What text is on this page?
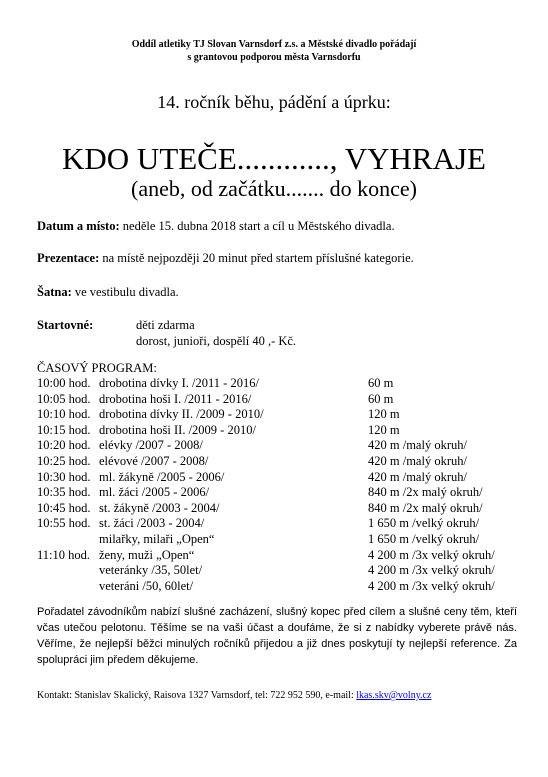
Oddíl atletiky TJ Slovan Varnsdorf z.s. a Městské divadlo pořádají
s grantovou podporou města Varnsdorfu
14. ročník běhu, pádění a úprku:
KDO UTEČE............, VYHRAJE
(aneb, od začátku....... do konce)
Datum a místo: neděle 15. dubna 2018 start a cíl u Městského divadla.
Prezentace: na místě nejpozději 20 minut před startem příslušné kategorie.
Šatna: ve vestibulu divadla.
Startovné:	děti zdarma
dorost, junioři, dospělí 40 ,- Kč.
ČASOVÝ PROGRAM:
10:00 hod. drobotina dívky I. /2011 - 2016/	60 m
10:05 hod. drobotina hoši I. /2011 - 2016/	60 m
10:10 hod. drobotina dívky II. /2009 - 2010/	120 m
10:15 hod. drobotina hoši II. /2009 - 2010/	120 m
10:20 hod. elévky /2007 - 2008/	420 m /malý okruh/
10:25 hod. elévové /2007 - 2008/	420 m /malý okruh/
10:30 hod. ml. žákyně /2005 - 2006/	420 m /malý okruh/
10:35 hod. ml. žáci /2005 - 2006/	840 m /2x malý okruh/
10:45 hod. st. žákyně /2003 - 2004/	840 m /2x malý okruh/
10:55 hod. st. žáci /2003 - 2004/	1 650 m /velký okruh/
milařky, milaři „Open“	1 650 m /velký okruh/
11:10 hod. ženy, muži „Open“	4 200 m /3x velký okruh/
veteránky /35, 50let/	4 200 m /3x velký okruh/
veteráni /50, 60let/	4 200 m /3x velký okruh/
Pořadatel závodníkům nabízí slušné zacházení, slušný kopec před cílem a slušné ceny těm, kteří včas utečou pelotonu. Těšíme se na vaši účast a doufáme, že si z nabídky vyberete právě nás. Věříme, že nejlepší běžci minulých ročníků přijedou a již dnes poskytují ty nejlepší reference. Za spolupráci jim předem děkujeme.
Kontakt: Stanislav Skalický, Raisova 1327 Varnsdorf, tel: 722 952 590, e-mail: lkas.skv@volny.cz
